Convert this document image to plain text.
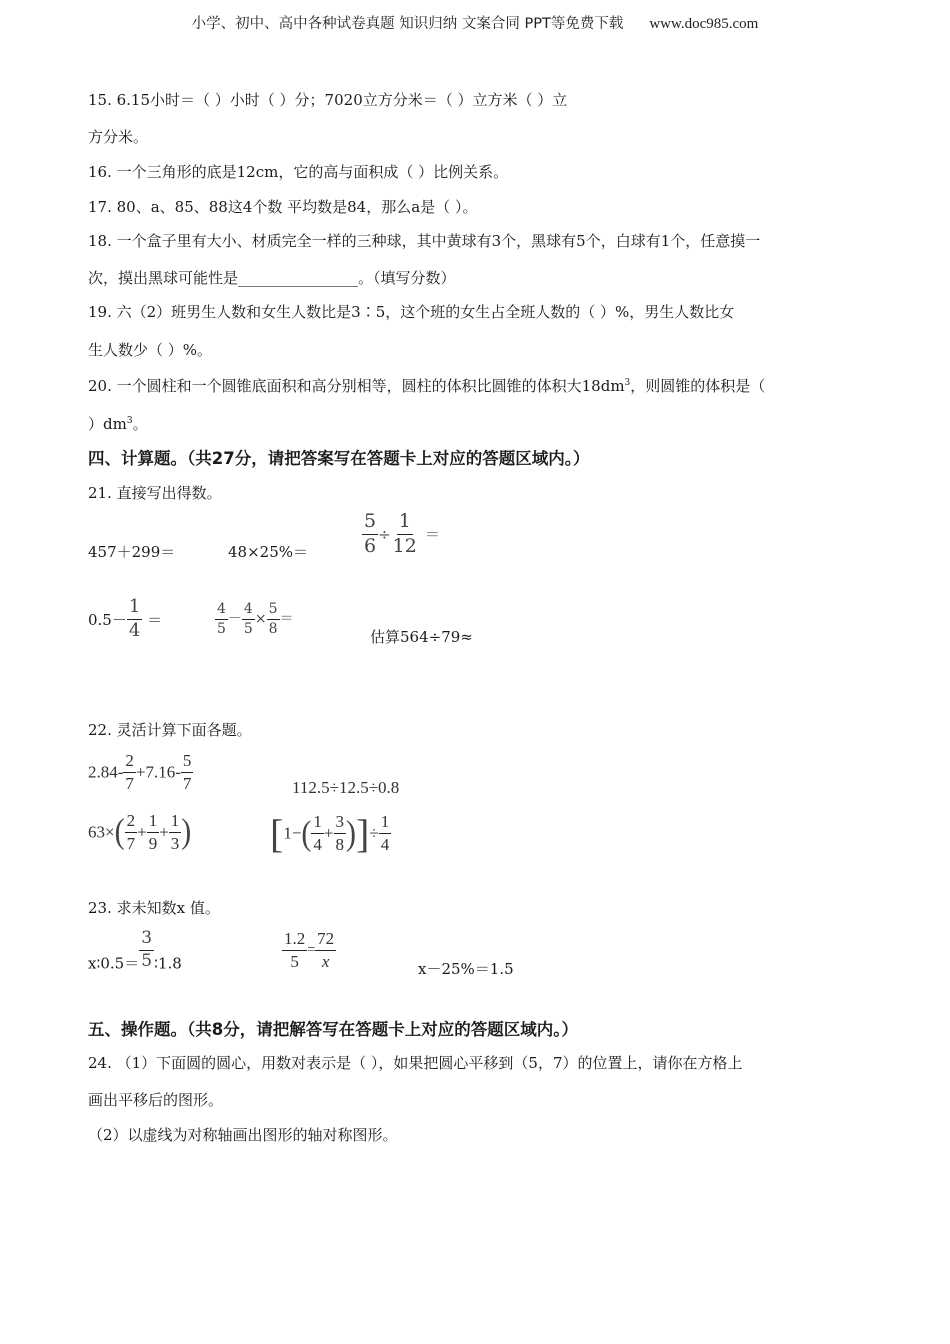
小学、初中、高中各种试卷真题 知识归纳 文案合同 PPT等免费下载 www.doc985.com
15. 6.15小时＝（ ）小时（ ）分；7020立方分米＝（ ）立方米（ ）立
方分米。
16. 一个三角形的底是12cm，它的高与面积成（ ）比例关系。
17. 80、a、85、88这4个数 平均数是84，那么a是（ ）。
18. 一个盒子里有大小、材质完全一样的三种球，其中黄球有3个，黑球有5个，白球有1个，任意摸一
次，摸出黑球可能性是________________。（填写分数）
19. 六（2）班男生人数和女生人数比是3∶5，这个班的女生占全班人数的（ ）%，男生人数比女
生人数少（ ）%。
20. 一个圆柱和一个圆锥底面积和高分别相等，圆柱的体积比圆锥的体积大$18dm^3$，则圆锥的体积是（
）$dm^3$。
四、计算题。（共27分，请把答案写在答题卡上对应的答题区域内。）
21. 直接写出得数。
457＋299＝	48×25%＝	$\frac{5}{6} \div \frac{1}{12}$ ＝
$0.5- \frac{1}{4}$ ＝	$\frac{4}{5} - \frac{4}{5} \times \frac{5}{8}$ ＝
估算564÷79≈
22. 灵活计算下面各题。
$2.84- \frac{2}{7} +7.16- \frac{5}{7}$	112.5÷12.5÷0.8
$63\times( \frac{2}{7} + \frac{1}{9} + \frac{1}{3}$ ) [$1-( \frac{1}{4} + \frac{3}{8}$ )]÷ $\frac{1}{4}$
23. 求未知数x 值。
x∶0.5＝ $\frac{3}{5}$ ∶1.8	$\frac{1.2}{5} = \frac{72}{x}$	x－25%＝1.5
五、操作题。（共8分，请把解答写在答题卡上对应的答题区域内。）
24. （1）下面圆的圆心，用数对表示是（ ），如果把圆心平移到（5，7）的位置上，请你在方格上
画出平移后的图形。
（2）以虚线为对称轴画出图形的轴对称图形。
